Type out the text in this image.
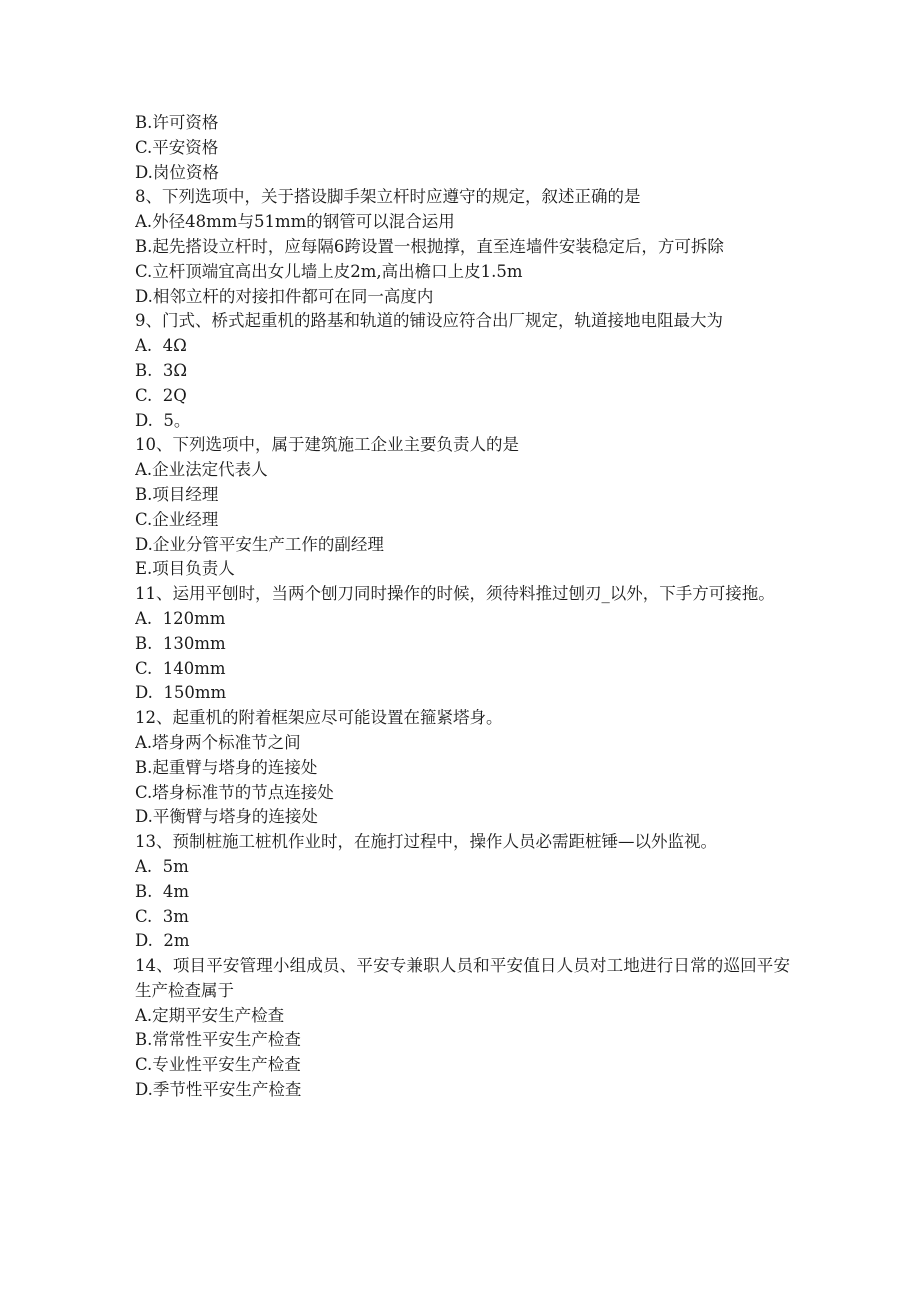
B.许可资格
C.平安资格
D.岗位资格
8、下列选项中，关于搭设脚手架立杆时应遵守的规定，叙述正确的是
A.外径48mm与51mm的钢管可以混合运用
B.起先搭设立杆时，应每隔6跨设置一根抛撑，直至连墙件安装稳定后，方可拆除
C.立杆顶端宜高出女儿墙上皮2m,高出檐口上皮1.5m
D.相邻立杆的对接扣件都可在同一高度内
9、门式、桥式起重机的路基和轨道的铺设应符合出厂规定，轨道接地电阻最大为
A.  4Ω
B.  3Ω
C.  2Q
D.  5。
10、下列选项中，属于建筑施工企业主要负责人的是
A.企业法定代表人
B.项目经理
C.企业经理
D.企业分管平安生产工作的副经理
E.项目负责人
11、运用平刨时，当两个刨刀同时操作的时候，须待料推过刨刃_以外，下手方可接拖。
A.  120mm
B.  130mm
C.  140mm
D.  150mm
12、起重机的附着框架应尽可能设置在箍紧塔身。
A.塔身两个标准节之间
B.起重臂与塔身的连接处
C.塔身标准节的节点连接处
D.平衡臂与塔身的连接处
13、预制桩施工桩机作业时，在施打过程中，操作人员必需距桩锤—以外监视。
A.  5m
B.  4m
C.  3m
D.  2m
14、项目平安管理小组成员、平安专兼职人员和平安值日人员对工地进行日常的巡回平安生产检查属于
A.定期平安生产检查
B.常常性平安生产检查
C.专业性平安生产检查
D.季节性平安生产检查
